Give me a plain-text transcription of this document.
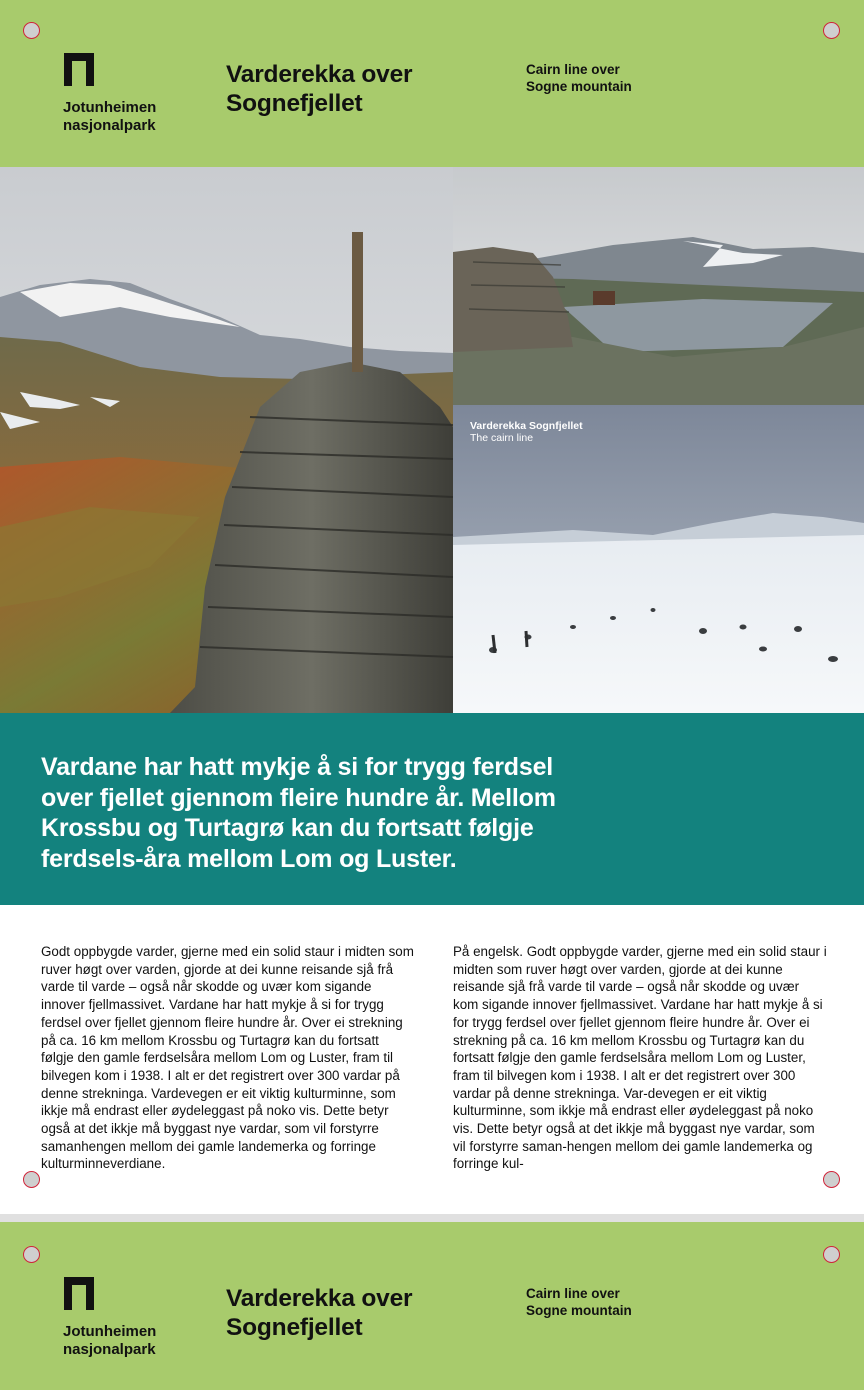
Jotunheimen
nasjonalpark
Varderekka over
Sognefjellet
Cairn line over
Sogne mountain
Varderekka Sognfjellet
The cairn line
Vardane har hatt mykje å si for trygg ferdsel over fjellet gjennom fleire hundre år. Mellom Krossbu og Turtagrø kan du fortsatt følgje ferdsels-åra mellom Lom og Luster.
Godt oppbygde varder, gjerne med ein solid staur i midten som ruver høgt over varden, gjorde at dei kunne reisande sjå frå varde til varde – også når skodde og uvær kom sigande innover fjellmassivet. Vardane har hatt mykje å si for trygg ferdsel over fjellet gjennom fleire hundre år. Over ei strekning på ca. 16 km mellom Krossbu og Turtagrø kan du fortsatt følgje den gamle ferdselsåra mellom Lom og Luster, fram til bilvegen kom i 1938. I alt er det registrert over 300 vardar på denne strekninga. Vardevegen er eit viktig kulturminne, som ikkje må endrast eller øydeleggast på noko vis. Dette betyr også at det ikkje må byggast nye vardar, som vil forstyrre samanhengen mellom dei gamle landemerka og forringe kulturminneverdiane.
På engelsk. Godt oppbygde varder, gjerne med ein solid staur i midten som ruver høgt over varden, gjorde at dei kunne reisande sjå frå varde til varde – også når skodde og uvær kom sigande innover fjellmassivet. Vardane har hatt mykje å si for trygg ferdsel over fjellet gjennom fleire hundre år. Over ei strekning på ca. 16 km mellom Krossbu og Turtagrø kan du fortsatt følgje den gamle ferdselsåra mellom Lom og Luster, fram til bilvegen kom i 1938. I alt er det registrert over 300 vardar på denne strekninga. Var-devegen er eit viktig kulturminne, som ikkje må endrast eller øydeleggast på noko vis. Dette betyr også at det ikkje må byggast nye vardar, som vil forstyrre saman-hengen mellom dei gamle landemerka og forringe kul-
Jotunheimen
nasjonalpark
Varderekka over
Sognefjellet
Cairn line over
Sogne mountain
